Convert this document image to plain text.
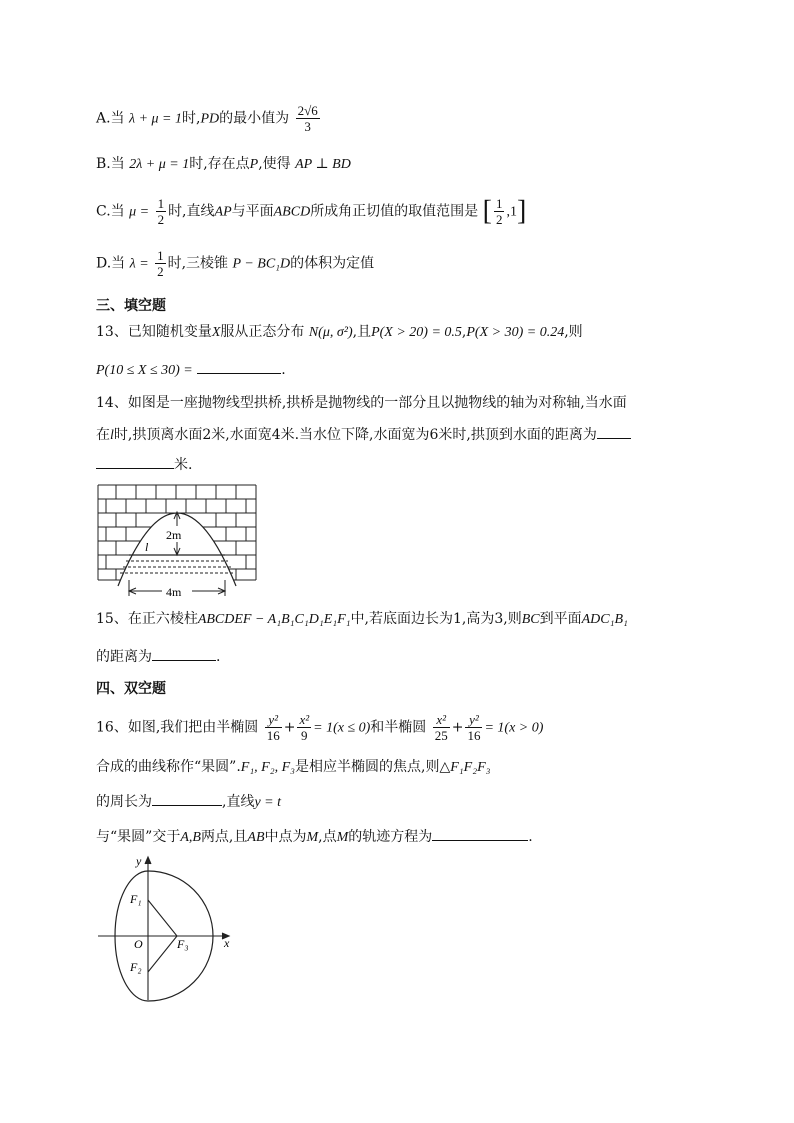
A.当 λ + μ = 1时,PD的最小值为 $\frac{2√6}{3}$
B.当 2λ + μ = 1时,存在点P,使得 AP ⊥ BD
C.当 $\mu = \frac{1}{2}$ 时,直线AP与平面ABCD所成角正切值的取值范围是 [ $\frac{1}{2} ,1$]
D.当 $\lambda = \frac{1}{2}$ 时,三棱锥 P − BC₁D的体积为定值
三、填空题
13、已知随机变量X服从正态分布 N(μ, σ²),且P(X > 20) = 0.5,P(X > 30) = 0.24,则
P(10 ≤ X ≤ 30) =	.
14、如图是一座抛物线型拱桥,拱桥是抛物线的一部分且以抛物线的轴为对称轴,当水面
在l时,拱顶离水面2米,水面宽4米.当水位下降,水面宽为6米时,拱顶到水面的距离为
米.
2m
4m
l
15、在正六棱柱ABCDEF − A₁B₁C₁D₁E₁F₁中,若底面边长为1,高为3,则BC到平面ADC₁B₁
的距离为	.
四、双空题
16、如图,我们把由半椭圆 $\frac{\text{y²}}{16} + \frac{\text{x²}}{9} = 1(x \le 0)$和半椭圆 $\frac{\text{x²}}{25} + \frac{\text{y²}}{16} = 1(x > 0)$
合成的曲线称作“果圆”.F₁, F₂, F₃是相应半椭圆的焦点,则△F₁F₂F₃
的周长为	,直线y = t
与“果圆”交于A,B两点,且AB中点为M,点M的轨迹方程为	.
y
x
O
F₁
F₂
F₃
